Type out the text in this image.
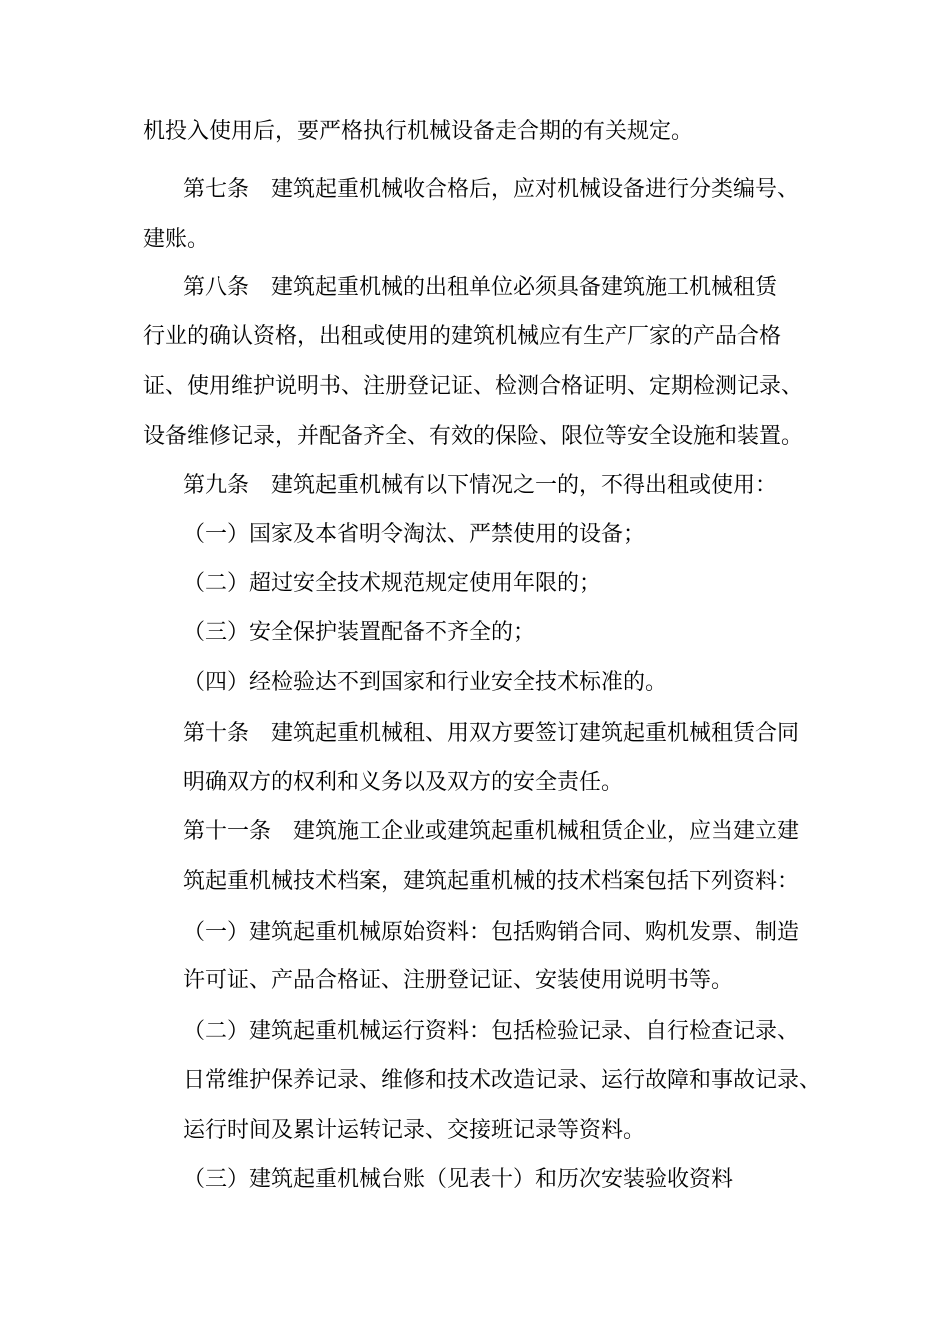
机投入使用后，要严格执行机械设备走合期的有关规定。
第七条　建筑起重机械收合格后，应对机械设备进行分类编号、
建账。
第八条　建筑起重机械的出租单位必须具备建筑施工机械租赁
行业的确认资格，出租或使用的建筑机械应有生产厂家的产品合格
证、使用维护说明书、注册登记证、检测合格证明、定期检测记录、
设备维修记录，并配备齐全、有效的保险、限位等安全设施和装置。
第九条　建筑起重机械有以下情况之一的，不得出租或使用：
（一）国家及本省明令淘汰、严禁使用的设备；
（二）超过安全技术规范规定使用年限的；
（三）安全保护装置配备不齐全的；
（四）经检验达不到国家和行业安全技术标准的。
第十条　建筑起重机械租、用双方要签订建筑起重机械租赁合同
明确双方的权利和义务以及双方的安全责任。
第十一条　建筑施工企业或建筑起重机械租赁企业，应当建立建
筑起重机械技术档案，建筑起重机械的技术档案包括下列资料：
（一）建筑起重机械原始资料：包括购销合同、购机发票、制造
许可证、产品合格证、注册登记证、安装使用说明书等。
（二）建筑起重机械运行资料：包括检验记录、自行检查记录、
日常维护保养记录、维修和技术改造记录、运行故障和事故记录、
运行时间及累计运转记录、交接班记录等资料。
（三）建筑起重机械台账（见表十）和历次安装验收资料
